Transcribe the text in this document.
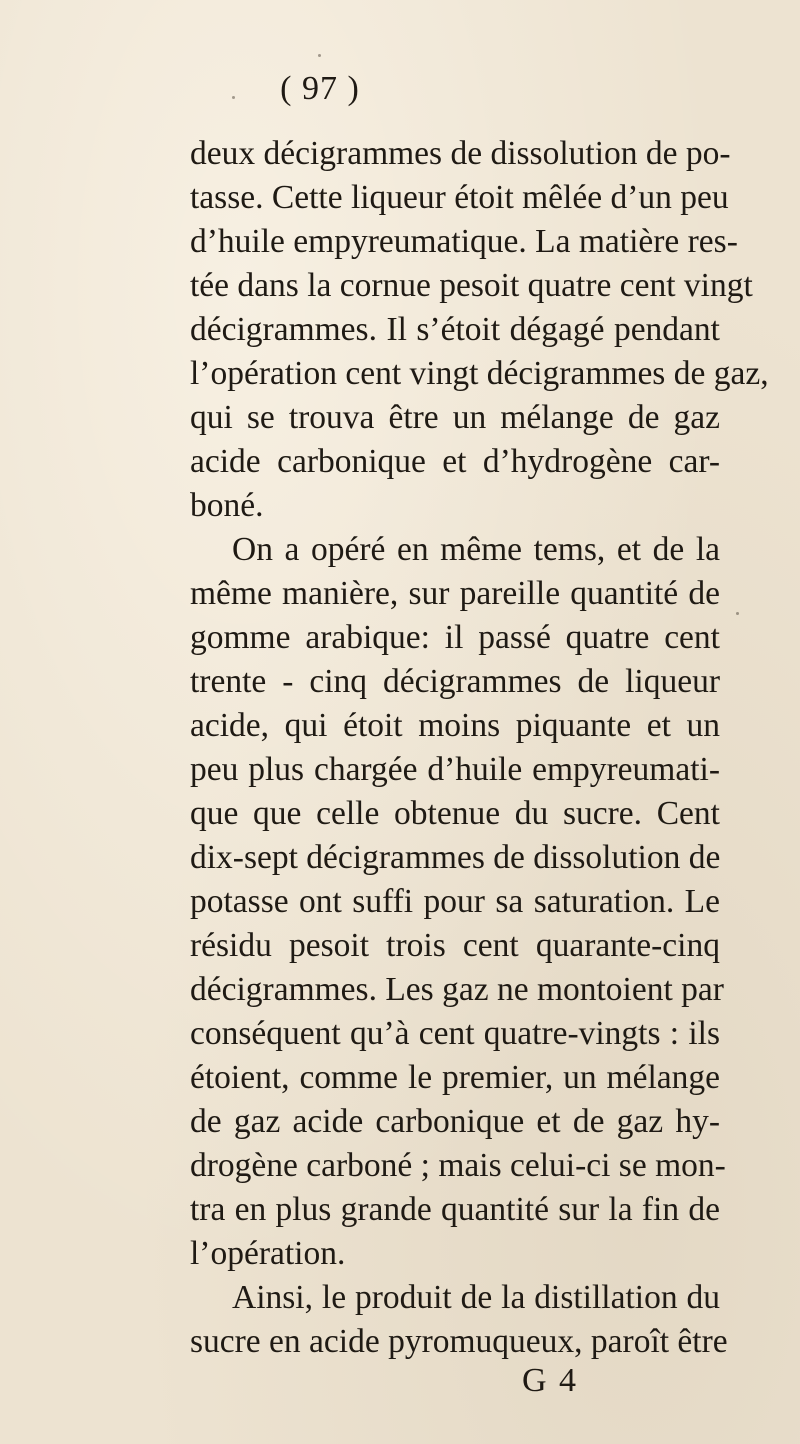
( 97 )
deux décigrammes de dissolution de po-
tasse. Cette liqueur étoit mêlée d’un peu
d’huile empyreumatique. La matière res-
tée dans la cornue pesoit quatre cent vingt
décigrammes. Il s’étoit dégagé pendant
l’opération cent vingt décigrammes de gaz,
qui se trouva être un mélange de gaz
acide carbonique et d’hydrogène car-
boné.
On a opéré en même tems, et de la
même manière, sur pareille quantité de
gomme arabique: il passé quatre cent
trente - cinq décigrammes de liqueur
acide, qui étoit moins piquante et un
peu plus chargée d’huile empyreumati-
que que celle obtenue du sucre. Cent
dix-sept décigrammes de dissolution de
potasse ont suffi pour sa saturation. Le
résidu pesoit trois cent quarante-cinq
décigrammes. Les gaz ne montoient par
conséquent qu’à cent quatre-vingts : ils
étoient, comme le premier, un mélange
de gaz acide carbonique et de gaz hy-
drogène carboné ; mais celui-ci se mon-
tra en plus grande quantité sur la fin de
l’opération.
Ainsi, le produit de la distillation du
sucre en acide pyromuqueux, paroît être
G 4
